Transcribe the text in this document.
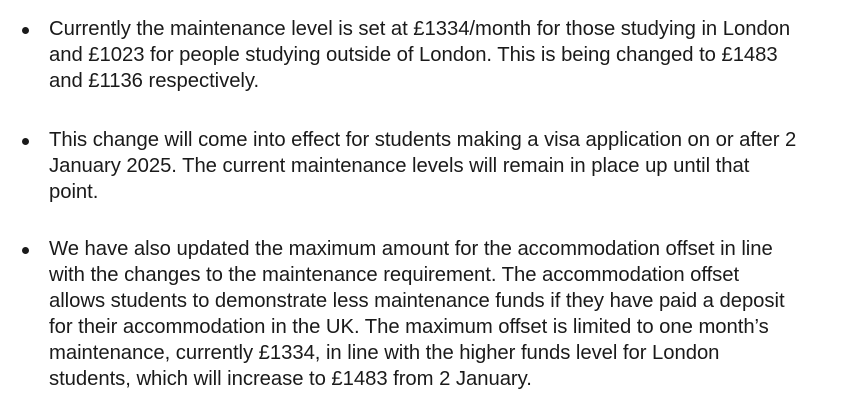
Currently the maintenance level is set at £1334/month for those studying in London
and £1023 for people studying outside of London. This is being changed to £1483
and £1136 respectively.
This change will come into effect for students making a visa application on or after 2
January 2025. The current maintenance levels will remain in place up until that
point.
We have also updated the maximum amount for the accommodation offset in line
with the changes to the maintenance requirement. The accommodation offset
allows students to demonstrate less maintenance funds if they have paid a deposit
for their accommodation in the UK. The maximum offset is limited to one month’s
maintenance, currently £1334, in line with the higher funds level for London
students, which will increase to £1483 from 2 January.
